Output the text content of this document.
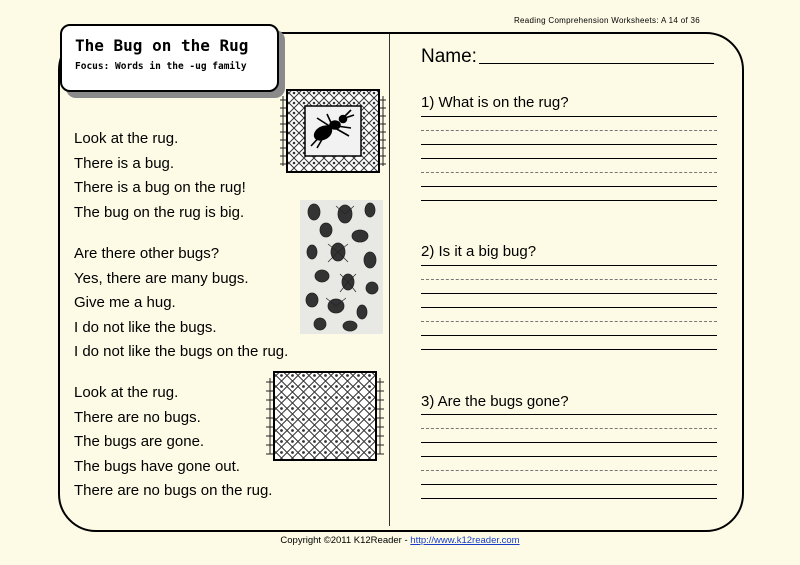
Reading Comprehension Worksheets: A 14 of 36
The Bug on the Rug
Focus: Words in the -ug family

Look at the rug.

There is a bug.

There is a bug on the rug!

The bug on the rug is big.

Are there other bugs?

Yes, there are many bugs.

Give me a hug.

I do not like the bugs.

I do not like the bugs on the rug.

Look at the rug.

There are no bugs.

The bugs are gone.

The bugs have gone out.

There are no bugs on the rug.

Name:
1) What is on the rug?
2) Is it a big bug?
3) Are the bugs gone?
Copyright ©2011 K12Reader - http://www.k12reader.com
